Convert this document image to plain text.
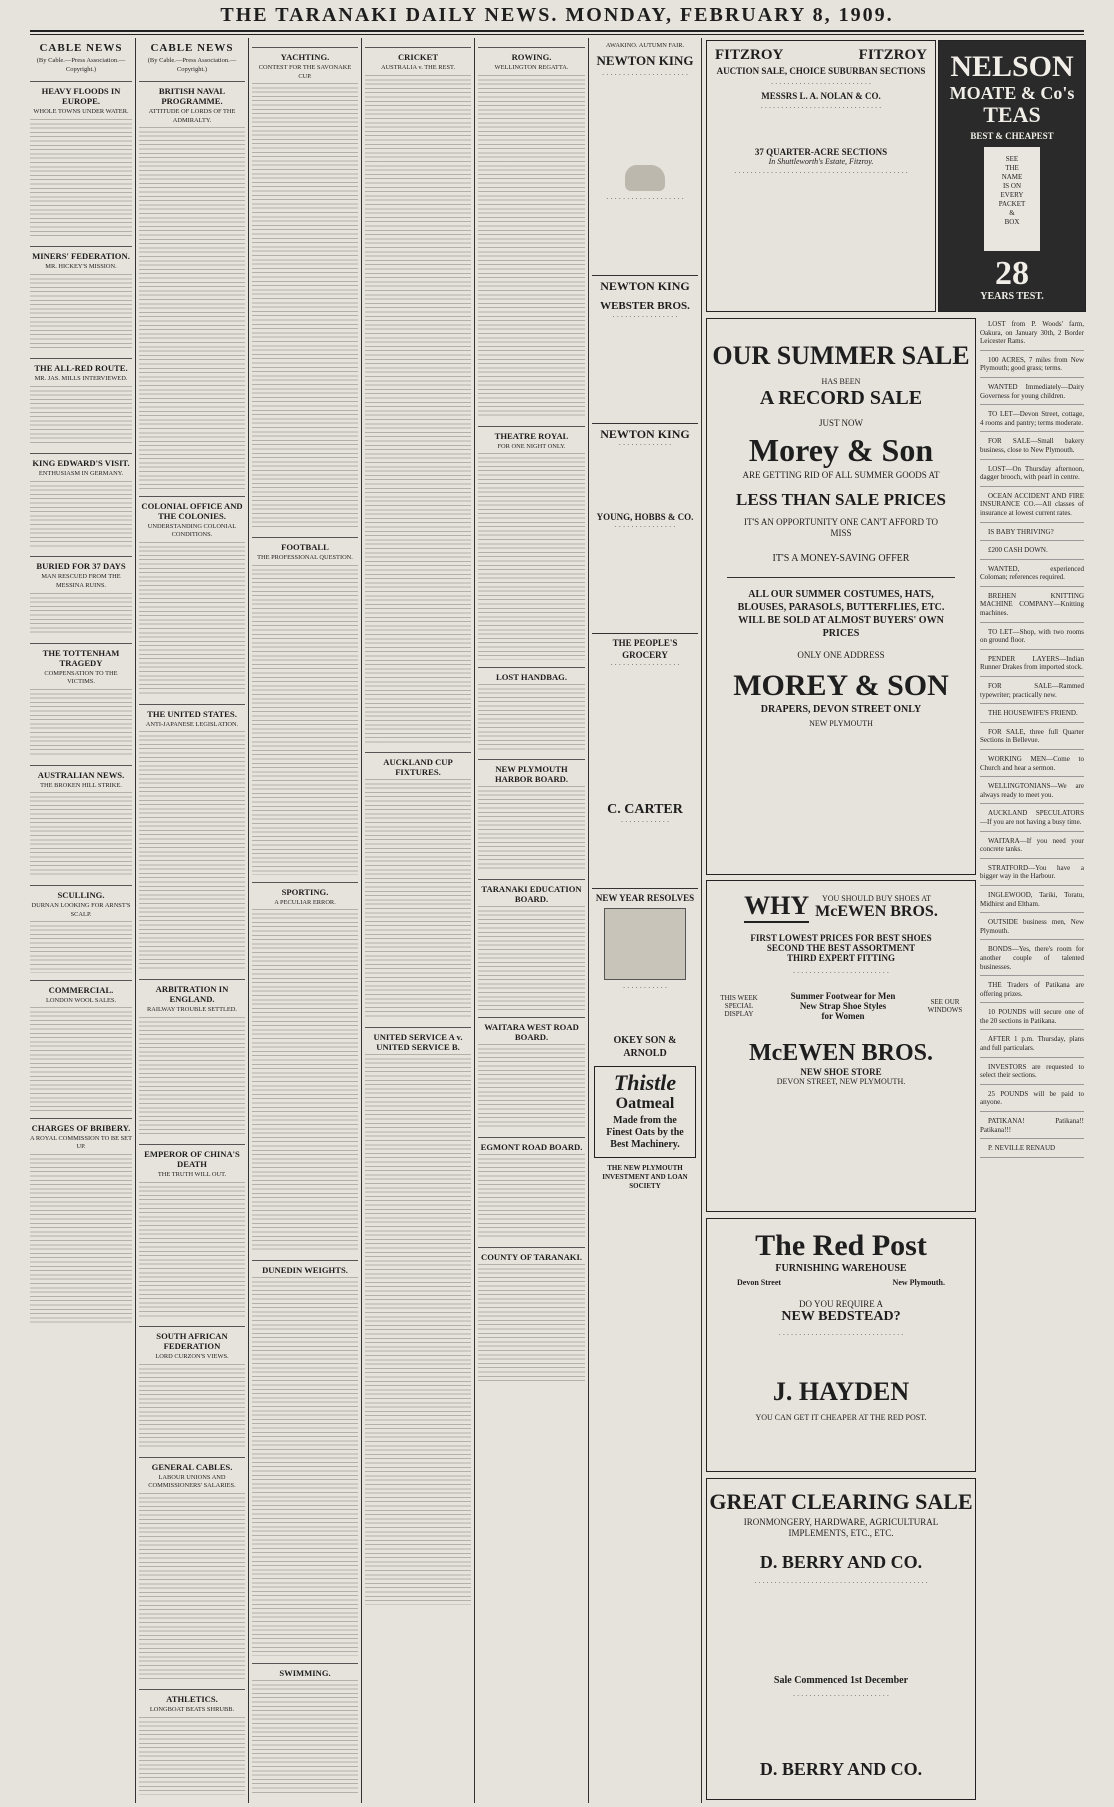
THE TARANAKI DAILY NEWS. MONDAY, FEBRUARY 8, 1909.
CABLE NEWS
(By Cable.—Press Association.—Copyright.)
HEAVY FLOODS IN EUROPE.
WHOLE TOWNS UNDER WATER.
MINERS' FEDERATION.
MR. HICKEY'S MISSION.
THE ALL-RED ROUTE.
MR. JAS. MILLS INTERVIEWED.
KING EDWARD'S VISIT.
ENTHUSIASM IN GERMANY.
BURIED FOR 37 DAYS
MAN RESCUED FROM THE MESSINA RUINS.
THE TOTTENHAM TRAGEDY
COMPENSATION TO THE VICTIMS.
AUSTRALIAN NEWS.
THE BROKEN HILL STRIKE.
SCULLING.
DURNAN LOOKING FOR ARNST'S SCALP.
COMMERCIAL.
LONDON WOOL SALES.
CHARGES OF BRIBERY.
A ROYAL COMMISSION TO BE SET UP.
CABLE NEWS
(By Cable.—Press Association.—Copyright.)
BRITISH NAVAL PROGRAMME.
ATTITUDE OF LORDS OF THE ADMIRALTY.
COLONIAL OFFICE AND THE COLONIES.
UNDERSTANDING COLONIAL CONDITIONS.
THE UNITED STATES.
ANTI-JAPANESE LEGISLATION.
ARBITRATION IN ENGLAND.
RAILWAY TROUBLE SETTLED.
EMPEROR OF CHINA'S DEATH
THE TRUTH WILL OUT.
SOUTH AFRICAN FEDERATION
LORD CURZON'S VIEWS.
GENERAL CABLES.
LABOUR UNIONS AND COMMISSIONERS' SALARIES.
ATHLETICS.
LONGBOAT BEATS SHRUBB.
YACHTING.
CONTEST FOR THE SAVONAKE CUP.
FOOTBALL
THE PROFESSIONAL QUESTION.
SPORTING.
A PECULIAR ERROR.
DUNEDIN WEIGHTS.
SWIMMING.
CRICKET
AUSTRALIA v. THE REST.
AUCKLAND CUP FIXTURES.
UNITED SERVICE A v. UNITED SERVICE B.
ROWING.
WELLINGTON REGATTA.
THEATRE ROYAL
FOR ONE NIGHT ONLY.
LOST HANDBAG.
NEW PLYMOUTH HARBOR BOARD.
TARANAKI EDUCATION BOARD.
WAITARA WEST ROAD BOARD.
EGMONT ROAD BOARD.
COUNTY OF TARANAKI.
AWAKINO. AUTUMN FAIR.
NEWTON KING
· · · · · · · · · · · · · · · · · · · · ·
· · · · · · · · · · · · · · · · · · ·
NEWTON KING
WEBSTER BROS.
· · · · · · · · · · · · · · · ·
NEWTON KING
· · · · · · · · · · · · ·
YOUNG, HOBBS & CO.
· · · · · · · · · · · · · · ·
THE PEOPLE'S GROCERY
· · · · · · · · · · · · · · · · ·
C. CARTER
· · · · · · · · · · · ·
NEW YEAR RESOLVES
· · · · · · · · · · ·
OKEY SON & ARNOLD
Thistle
Oatmeal
Made from the Finest Oats by the Best Machinery.
THE NEW PLYMOUTH INVESTMENT AND LOAN SOCIETY
FITZROY	FITZROY
AUCTION SALE, CHOICE SUBURBAN SECTIONS
· · · · · · · · · · · · · · · · · · · · · · · · ·
MESSRS L. A. NOLAN & CO.
· · · · · · · · · · · · · · · · · · · · · · · · · · · · · ·
37 QUARTER-ACRE SECTIONS
In Shuttleworth's Estate, Fitzroy.
· · · · · · · · · · · · · · · · · · · · · · · · · · · · · · · · · · · · · · · · · · ·
NELSON
MOATE & Co's
TEAS
BEST & CHEAPEST
SEE
THE
NAME
IS ON
EVERY
PACKET
&
BOX
28
YEARS TEST.
OUR SUMMER SALE
HAS BEEN
A RECORD SALE
JUST NOW
Morey & Son
ARE GETTING RID OF ALL SUMMER GOODS AT
LESS THAN SALE PRICES
IT'S AN OPPORTUNITY ONE CAN'T AFFORD TO MISS
IT'S A MONEY-SAVING OFFER
ALL OUR SUMMER COSTUMES, HATS, BLOUSES, PARASOLS, BUTTERFLIES, ETC. WILL BE SOLD AT ALMOST BUYERS' OWN PRICES
ONLY ONE ADDRESS
MOREY & SON
DRAPERS, DEVON STREET ONLY
NEW PLYMOUTH
WHY	YOU SHOULD BUY SHOES AT
McEWEN BROS.
FIRST LOWEST PRICES FOR BEST SHOES
SECOND THE BEST ASSORTMENT
THIRD EXPERT FITTING
· · · · · · · · · · · · · · · · · · · · · · · ·
THIS WEEK SPECIAL DISPLAY
Summer Footwear for Men
New Strap Shoe Styles
for Women
SEE OUR WINDOWS
McEWEN BROS.
NEW SHOE STORE
DEVON STREET, NEW PLYMOUTH.
The Red Post
FURNISHING WAREHOUSE
Devon Street	New Plymouth.
DO YOU REQUIRE A
NEW BEDSTEAD?
· · · · · · · · · · · · · · · · · · · · · · · · · · · · · · ·
J. HAYDEN
YOU CAN GET IT CHEAPER AT THE RED POST.
GREAT CLEARING SALE
IRONMONGERY, HARDWARE, AGRICULTURAL IMPLEMENTS, ETC., ETC.
D. BERRY AND CO.
· · · · · · · · · · · · · · · · · · · · · · · · · · · · · · · · · · · · · · · · · · ·
Sale Commenced 1st December
· · · · · · · · · · · · · · · · · · · · · · · ·
D. BERRY AND CO.

LOST from P. Woods' farm, Oakura, on January 30th, 2 Border Leicester Rams.

100 ACRES, 7 miles from New Plymouth; good grass; terms.

WANTED Immediately—Dairy Governess for young children.

TO LET—Devon Street, cottage, 4 rooms and pantry; terms moderate.

FOR SALE—Small bakery business, close to New Plymouth.

LOST—On Thursday afternoon, dagger brooch, with pearl in centre.

OCEAN ACCIDENT AND FIRE INSURANCE CO.—All classes of insurance at lowest current rates.

IS BABY THRIVING?

£200 CASH DOWN.

WANTED, experienced Coloman; references required.

BREHEN KNITTING MACHINE COMPANY—Knitting machines.

TO LET—Shop, with two rooms on ground floor.

PENDER LAYERS—Indian Runner Drakes from imported stock.

FOR SALE—Rammed typewriter; practically new.

THE HOUSEWIFE'S FRIEND.

FOR SALE, three full Quarter Sections in Bellevue.

WORKING MEN—Come to Church and hear a sermon.

WELLINGTONIANS—We are always ready to meet you.

AUCKLAND SPECULATORS—If you are not having a busy time.

WAITARA—If you need your concrete tanks.

STRATFORD—You have a bigger way in the Harbour.

INGLEWOOD, Tariki, Toratu, Midhirst and Eltham.

OUTSIDE business men, New Plymouth.

BONDS—Yes, there's room for another couple of talented businesses.

THE Traders of Patikana are offering prizes.

10 POUNDS will secure one of the 20 sections in Patikana.

AFTER 1 p.m. Thursday, plans and full particulars.

INVESTORS are requested to select their sections.

25 POUNDS will be paid to anyone.

PATIKANA! Patikana!! Patikana!!!

P. NEVILLE RENAUD
